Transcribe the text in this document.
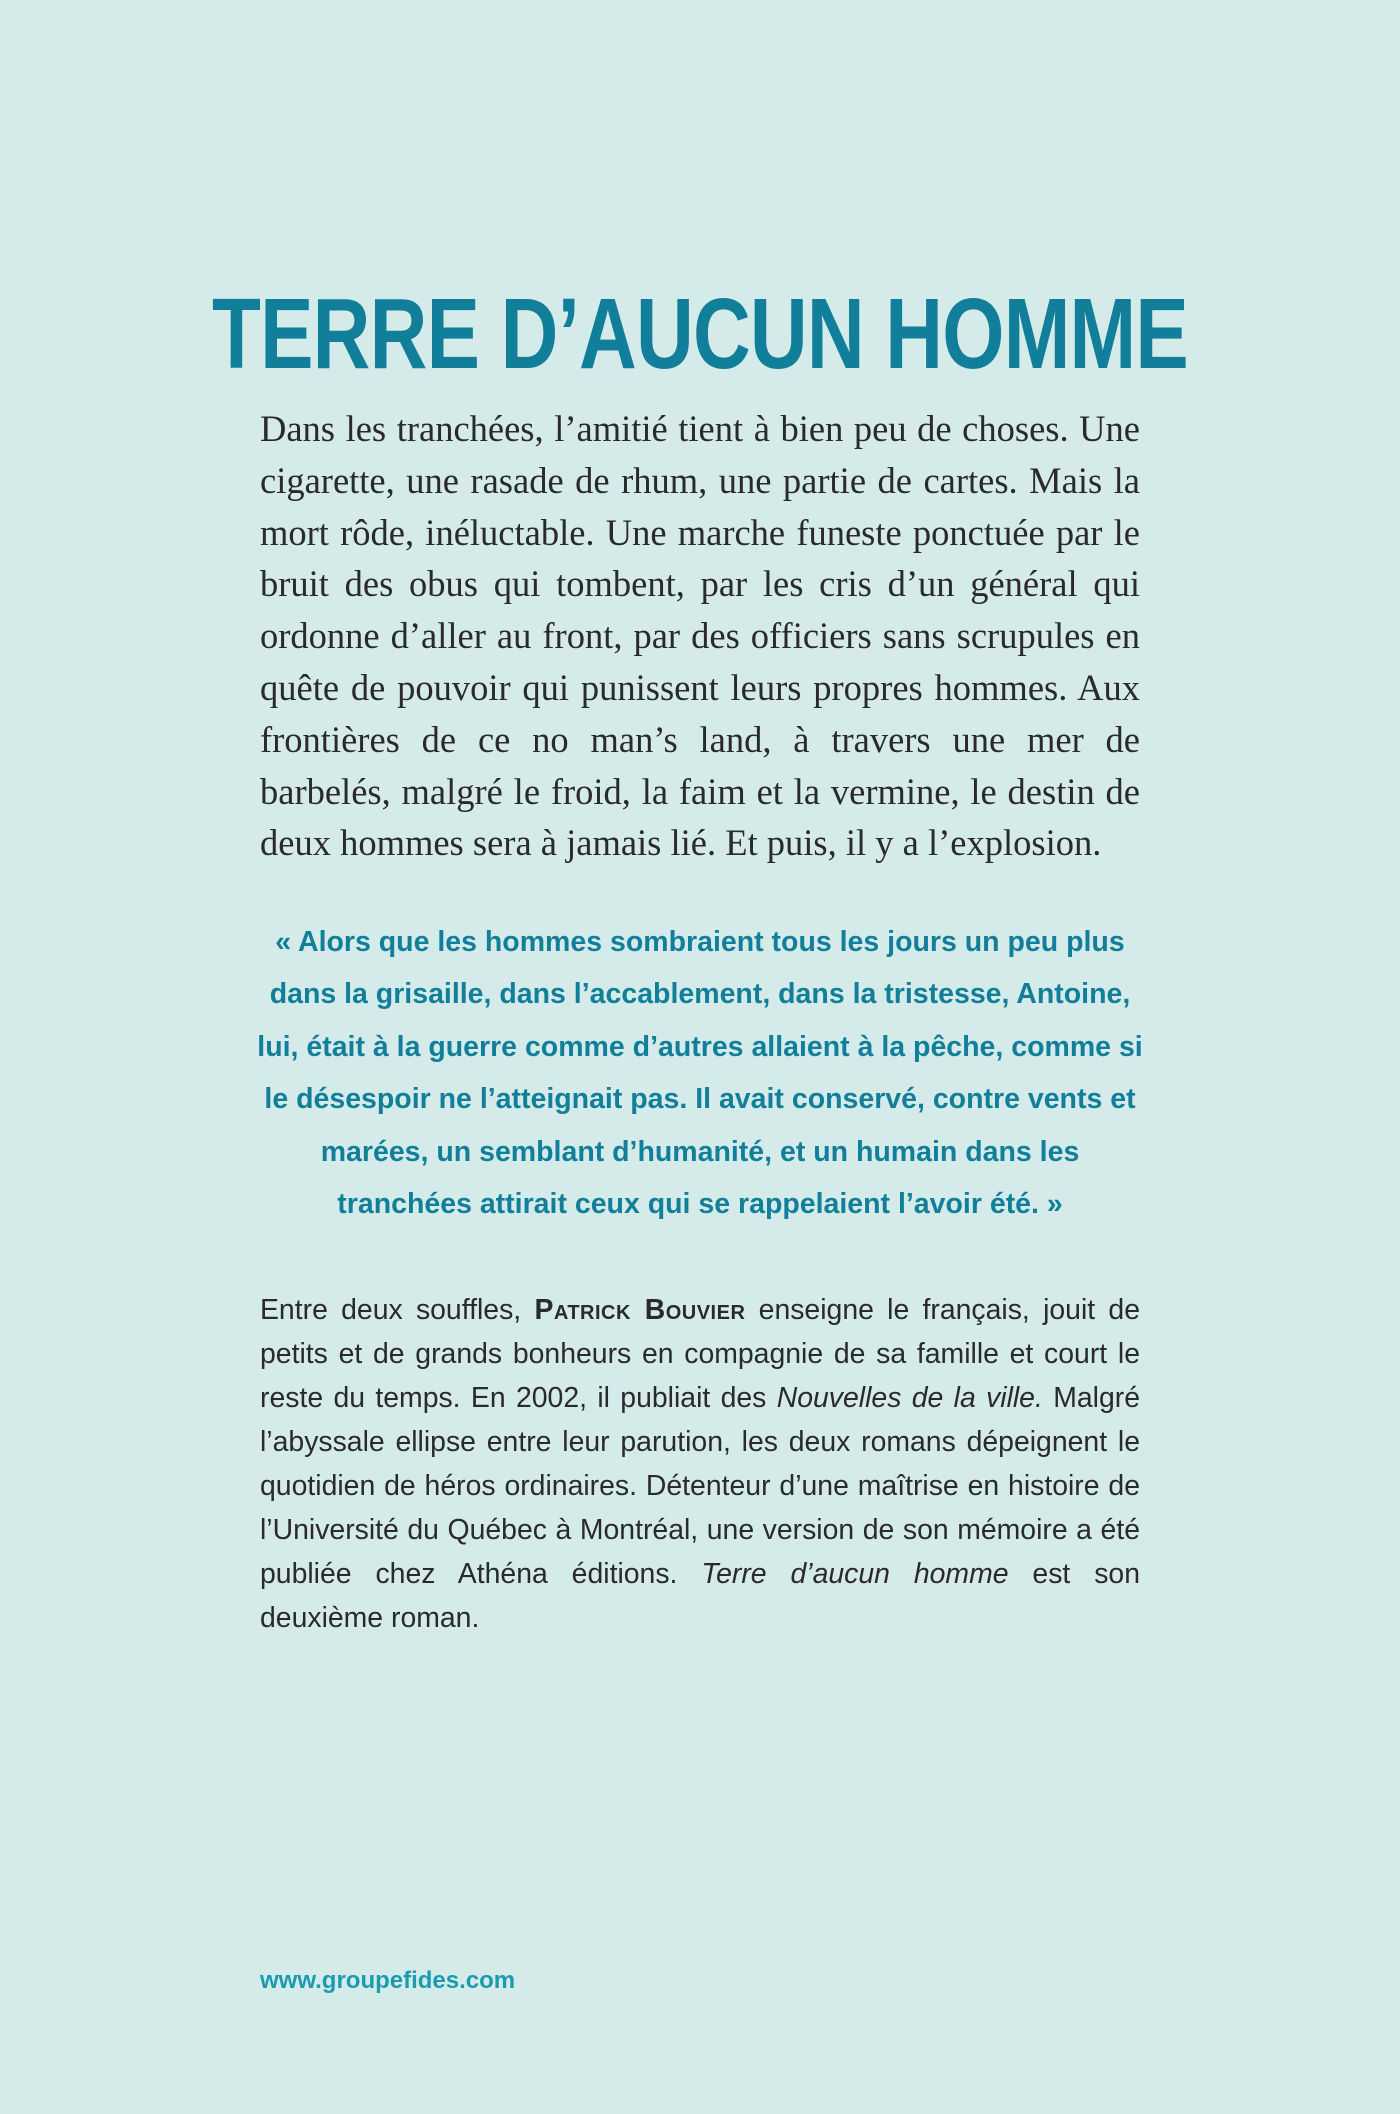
TERRE D’AUCUN HOMME

Dans les tranchées, l’amitié tient à bien peu de choses. Une cigarette, une rasade de rhum, une partie de cartes. Mais la mort rôde, inéluctable. Une marche funeste ponctuée par le bruit des obus qui tombent, par les cris d’un général qui ordonne d’aller au front, par des officiers sans scrupules en quête de pouvoir qui punissent leurs propres hommes. Aux frontières de ce no man’s land, à travers une mer de barbelés, malgré le froid, la faim et la vermine, le destin de deux hommes sera à jamais lié. Et puis, il y a l’explosion.

« Alors que les hommes sombraient tous les jours un peu plus dans la grisaille, dans l’accablement, dans la tristesse, Antoine, lui, était à la guerre comme d’autres allaient à la pêche, comme si le désespoir ne l’atteignait pas. Il avait conservé, contre vents et marées, un semblant d’humanité, et un humain dans les tranchées attirait ceux qui se rappelaient l’avoir été. »

Entre deux souffles, Patrick Bouvier enseigne le français, jouit de petits et de grands bonheurs en compagnie de sa famille et court le reste du temps. En 2002, il publiait des Nouvelles de la ville. Malgré l’abyssale ellipse entre leur parution, les deux romans dépeignent le quotidien de héros ordinaires. Détenteur d’une maîtrise en histoire de l’Université du Québec à Montréal, une version de son mémoire a été publiée chez Athéna éditions. Terre d’aucun homme est son deuxième roman.

www.groupefides.com
